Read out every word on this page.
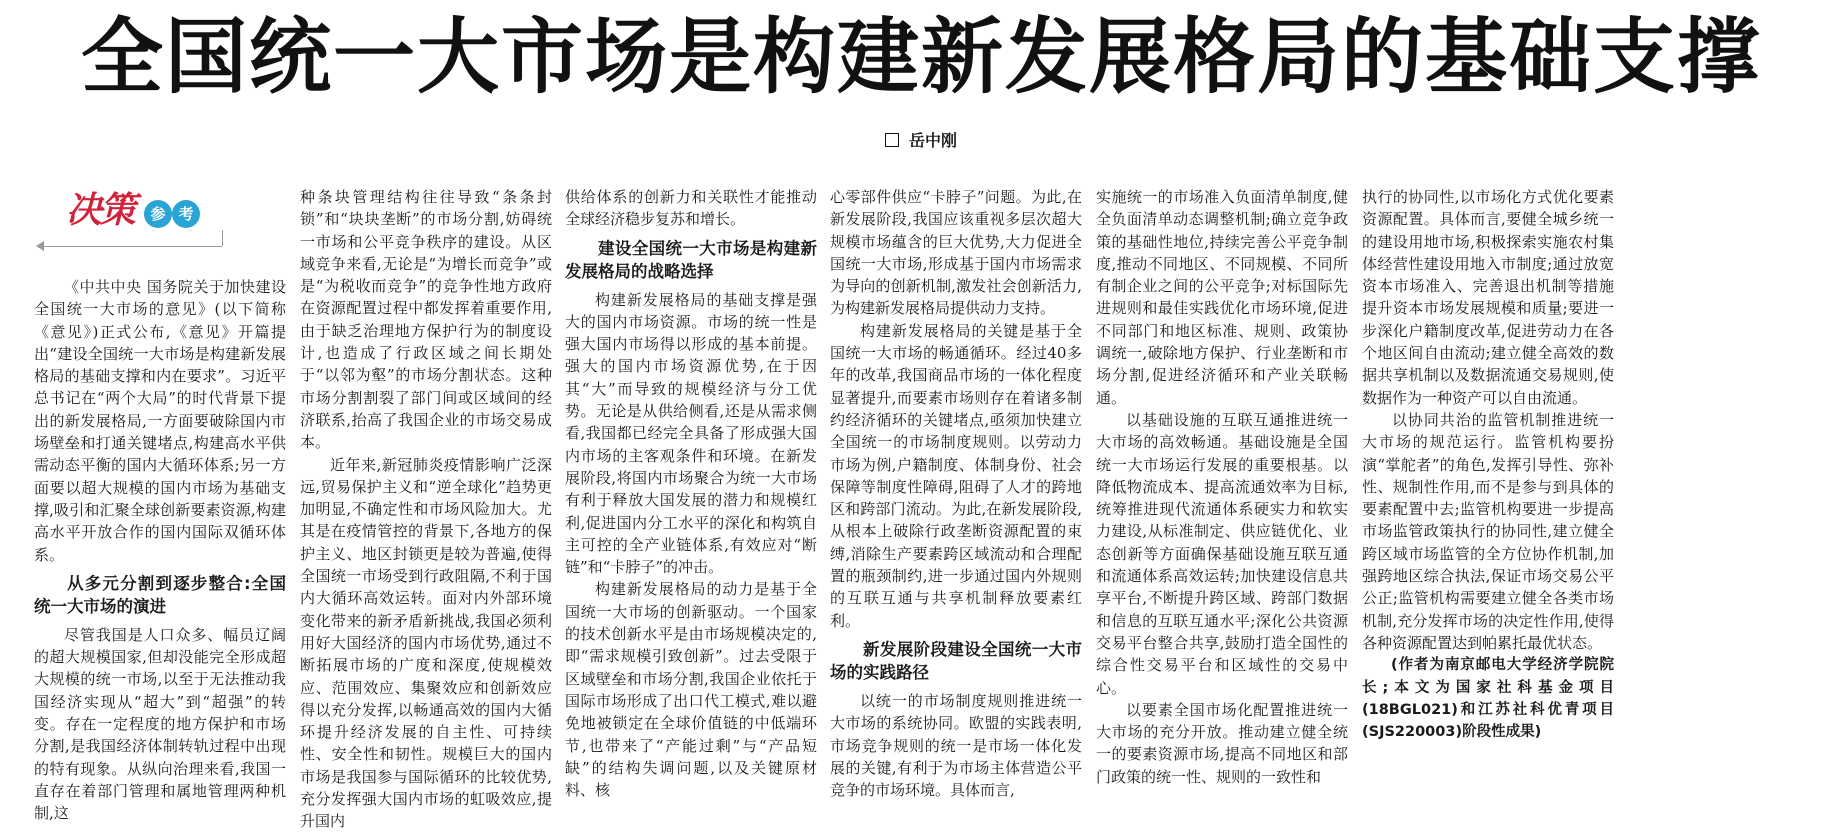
全国统一大市场是构建新发展格局的基础支撑
岳中刚
决策	参 考

《中共中央 国务院关于加快建设全国统一大市场的意见》(以下简称《意见》)正式公布,《意见》开篇提出“建设全国统一大市场是构建新发展格局的基础支撑和内在要求”。习近平总书记在“两个大局”的时代背景下提出的新发展格局,一方面要破除国内市场壁垒和打通关键堵点,构建高水平供需动态平衡的国内大循环体系;另一方面要以超大规模的国内市场为基础支撑,吸引和汇聚全球创新要素资源,构建高水平开放合作的国内国际双循环体系。

从多元分割到逐步整合:全国统一大市场的演进

尽管我国是人口众多、幅员辽阔的超大规模国家,但却没能完全形成超大规模的统一市场,以至于无法推动我国经济实现从“超大”到“超强”的转变。存在一定程度的地方保护和市场分割,是我国经济体制转轨过程中出现的特有现象。从纵向治理来看,我国一直存在着部门管理和属地管理两种机制,这

种条块管理结构往往导致“条条封锁”和“块块垄断”的市场分割,妨碍统一市场和公平竞争秩序的建设。从区域竞争来看,无论是“为增长而竞争”或是“为税收而竞争”的竞争性地方政府在资源配置过程中都发挥着重要作用,由于缺乏治理地方保护行为的制度设计,也造成了行政区域之间长期处于“以邻为壑”的市场分割状态。这种市场分割割裂了部门间或区域间的经济联系,抬高了我国企业的市场交易成本。

近年来,新冠肺炎疫情影响广泛深远,贸易保护主义和“逆全球化”趋势更加明显,不确定性和市场风险加大。尤其是在疫情管控的背景下,各地方的保护主义、地区封锁更是较为普遍,使得全国统一市场受到行政阻隔,不利于国内大循环高效运转。面对内外部环境变化带来的新矛盾新挑战,我国必须利用好大国经济的国内市场优势,通过不断拓展市场的广度和深度,使规模效应、范围效应、集聚效应和创新效应得以充分发挥,以畅通高效的国内大循环提升经济发展的自主性、可持续性、安全性和韧性。规模巨大的国内市场是我国参与国际循环的比较优势,充分发挥强大国内市场的虹吸效应,提升国内

供给体系的创新力和关联性才能推动全球经济稳步复苏和增长。

建设全国统一大市场是构建新发展格局的战略选择

构建新发展格局的基础支撑是强大的国内市场资源。市场的统一性是强大国内市场得以形成的基本前提。强大的国内市场资源优势,在于因其“大”而导致的规模经济与分工优势。无论是从供给侧看,还是从需求侧看,我国都已经完全具备了形成强大国内市场的主客观条件和环境。在新发展阶段,将国内市场聚合为统一大市场有利于释放大国发展的潜力和规模红利,促进国内分工水平的深化和构筑自主可控的全产业链体系,有效应对“断链”和“卡脖子”的冲击。

构建新发展格局的动力是基于全国统一大市场的创新驱动。一个国家的技术创新水平是由市场规模决定的,即“需求规模引致创新”。过去受限于区域壁垒和市场分割,我国企业依托于国际市场形成了出口代工模式,难以避免地被锁定在全球价值链的中低端环节,也带来了“产能过剩”与“产品短缺”的结构失调问题,以及关键原材料、核

心零部件供应“卡脖子”问题。为此,在新发展阶段,我国应该重视多层次超大规模市场蕴含的巨大优势,大力促进全国统一大市场,形成基于国内市场需求为导向的创新机制,激发社会创新活力,为构建新发展格局提供动力支持。

构建新发展格局的关键是基于全国统一大市场的畅通循环。经过40多年的改革,我国商品市场的一体化程度显著提升,而要素市场则存在着诸多制约经济循环的关键堵点,亟须加快建立全国统一的市场制度规则。以劳动力市场为例,户籍制度、体制身份、社会保障等制度性障碍,阻碍了人才的跨地区和跨部门流动。为此,在新发展阶段,从根本上破除行政垄断资源配置的束缚,消除生产要素跨区域流动和合理配置的瓶颈制约,进一步通过国内外规则的互联互通与共享机制释放要素红利。

新发展阶段建设全国统一大市场的实践路径

以统一的市场制度规则推进统一大市场的系统协同。欧盟的实践表明,市场竞争规则的统一是市场一体化发展的关键,有利于为市场主体营造公平竞争的市场环境。具体而言,

实施统一的市场准入负面清单制度,健全负面清单动态调整机制;确立竞争政策的基础性地位,持续完善公平竞争制度,推动不同地区、不同规模、不同所有制企业之间的公平竞争;对标国际先进规则和最佳实践优化市场环境,促进不同部门和地区标准、规则、政策协调统一,破除地方保护、行业垄断和市场分割,促进经济循环和产业关联畅通。

以基础设施的互联互通推进统一大市场的高效畅通。基础设施是全国统一大市场运行发展的重要根基。以降低物流成本、提高流通效率为目标,统筹推进现代流通体系硬实力和软实力建设,从标准制定、供应链优化、业态创新等方面确保基础设施互联互通和流通体系高效运转;加快建设信息共享平台,不断提升跨区域、跨部门数据和信息的互联互通水平;深化公共资源交易平台整合共享,鼓励打造全国性的综合性交易平台和区域性的交易中心。

以要素全国市场化配置推进统一大市场的充分开放。推动建立健全统一的要素资源市场,提高不同地区和部门政策的统一性、规则的一致性和

执行的协同性,以市场化方式优化要素资源配置。具体而言,要健全城乡统一的建设用地市场,积极探索实施农村集体经营性建设用地入市制度;通过放宽资本市场准入、完善退出机制等措施提升资本市场发展规模和质量;要进一步深化户籍制度改革,促进劳动力在各个地区间自由流动;建立健全高效的数据共享机制以及数据流通交易规则,使数据作为一种资产可以自由流通。

以协同共治的监管机制推进统一大市场的规范运行。监管机构要扮演“掌舵者”的角色,发挥引导性、弥补性、规制性作用,而不是参与到具体的要素配置中去;监管机构要进一步提高市场监管政策执行的协同性,建立健全跨区域市场监管的全方位协作机制,加强跨地区综合执法,保证市场交易公平公正;监管机构需要建立健全各类市场机制,充分发挥市场的决定性作用,使得各种资源配置达到帕累托最优状态。

(作者为南京邮电大学经济学院院长;本文为国家社科基金项目(18BGL021)和江苏社科优青项目(SJS220003)阶段性成果)
